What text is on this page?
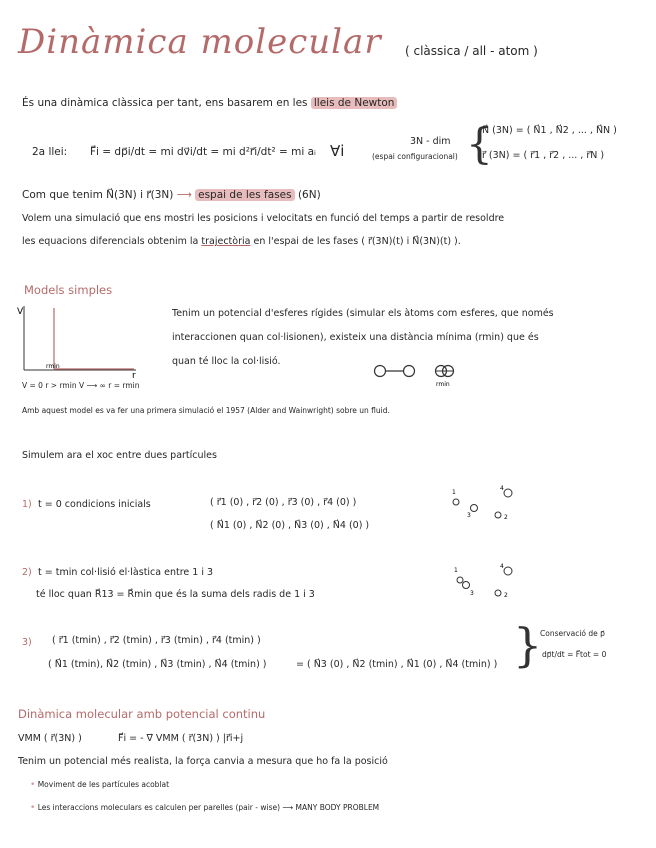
Dinàmica molecular ( clàssica / all - atom )
És una dinàmica clàssica per tant, ens basarem en les lleis de Newton
2a llei: F⃗i = dp⃗i/dt = mi dv⃗i/dt = mi d²r⃗i/dt² = mi aᵢ ∀i
3N - dim
(espai configuracional) {
N⃗ (3N) = ( N⃗1 , N⃗2 , ... , N⃗N )
r⃗ (3N) = ( r⃗1 , r⃗2 , ... , r⃗N )
Com que tenim N⃗(3N) i r⃗(3N) ⟶ espai de les fases (6N)
Volem una simulació que ens mostri les posicions i velocitats en funció del temps a partir de resoldre
les equacions diferencials obtenim la trajectòria en l'espai de les fases ( r⃗(3N)(t) i N⃗(3N)(t) ).
Models simples
V
r
rmin
V = 0 r > rmin V ⟶ ∞ r = rmin
Tenim un potencial d'esferes rígides (simular els àtoms com esferes, que només
interaccionen quan col·lisionen), existeix una distància mínima (rmin) que és
quan té lloc la col·lisió.
rmin
Amb aquest model es va fer una primera simulació el 1957 (Alder and Wainwright) sobre un fluid.
Simulem ara el xoc entre dues partícules
1) t = 0 condicions inicials	( r⃗1 (0) , r⃗2 (0) , r⃗3 (0) , r⃗4 (0) )
( N⃗1 (0) , N⃗2 (0) , N⃗3 (0) , N⃗4 (0) )
1
3	2
4
2) t = tmin col·lisió el·làstica entre 1 i 3
té lloc quan R⃗13 = R⃗min que és la suma dels radis de 1 i 3
1
3	2
4
3) ( r⃗1 (tmin) , r⃗2 (tmin) , r⃗3 (tmin) , r⃗4 (tmin) )
( N⃗1 (tmin), N⃗2 (tmin) , N⃗3 (tmin) , N⃗4 (tmin) )	= ( N⃗3 (0) , N⃗2 (tmin) , N⃗1 (0) , N⃗4 (tmin) ) }
Conservació de p⃗
dp⃗t/dt = F⃗tot = 0
Dinàmica molecular amb potencial continu
VMM ( r⃗(3N) )	F⃗i = - ∇⃗ VMM ( r⃗(3N) ) |r⃗i+j
Tenim un potencial més realista, la força canvia a mesura que ho fa la posició
• Moviment de les partícules acoblat
• Les interaccions moleculars es calculen per parelles (pair - wise) ⟶ MANY BODY PROBLEM
